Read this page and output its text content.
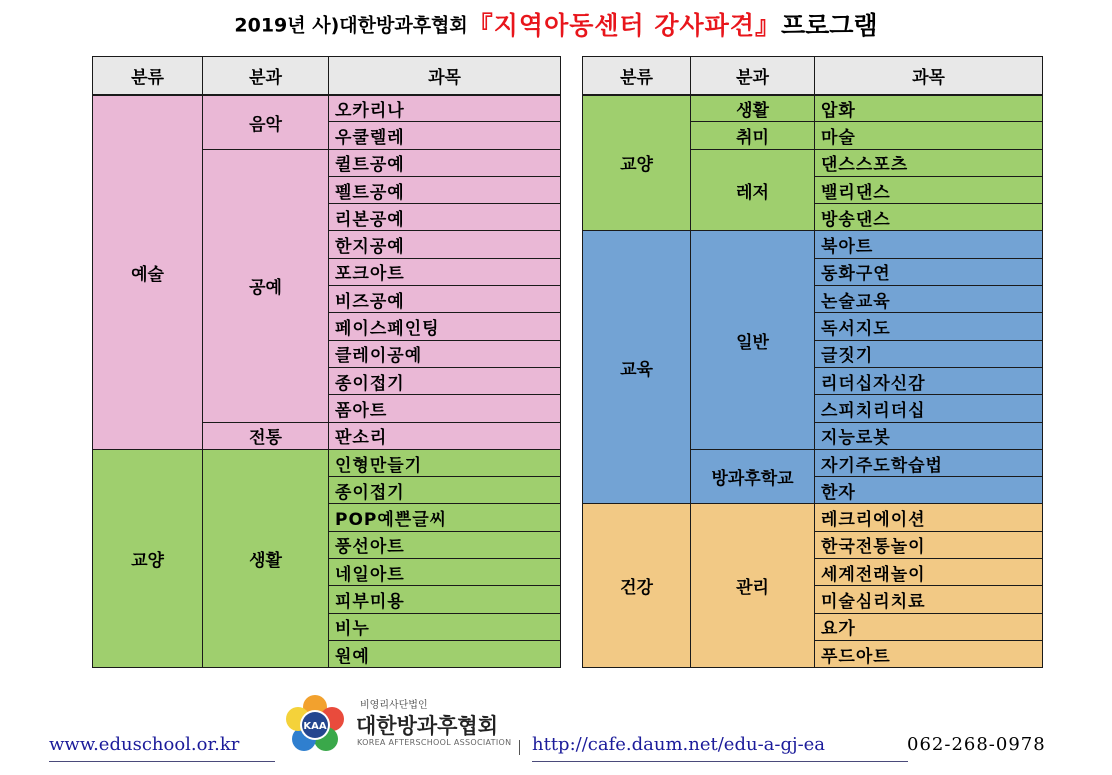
2019년 사)대한방과후협회『지역아동센터 강사파견』프로그램
분류	분과	과목
예술	음악	오카리나
		우쿨렐레
	공예	퀼트공예
		펠트공예
		리본공예
		한지공예
		포크아트
		비즈공예
		페이스페인팅
		클레이공예
		종이접기
		폼아트
	전통	판소리
교양	생활	인형만들기
		종이접기
		POP예쁜글씨
		풍선아트
		네일아트
		피부미용
		비누
		원예
분류	분과	과목
교양	생활	압화
	취미	마술
	레저	댄스스포츠
		밸리댄스
		방송댄스
교육	일반	북아트
		동화구연
		논술교육
		독서지도
		글짓기
		리더십자신감
		스피치리더십
		지능로봇
	방과후학교	자기주도학습법
		한자
건강	관리	레크리에이션
		한국전통놀이
		세계전래놀이
		미술심리치료
		요가
		푸드아트
KAA
비영리사단법인
대한방과후협회
KOREA AFTERSCHOOL ASSOCIATION
www.eduschool.or.kr	http://cafe.daum.net/edu-a-gj-ea	062-268-0978
